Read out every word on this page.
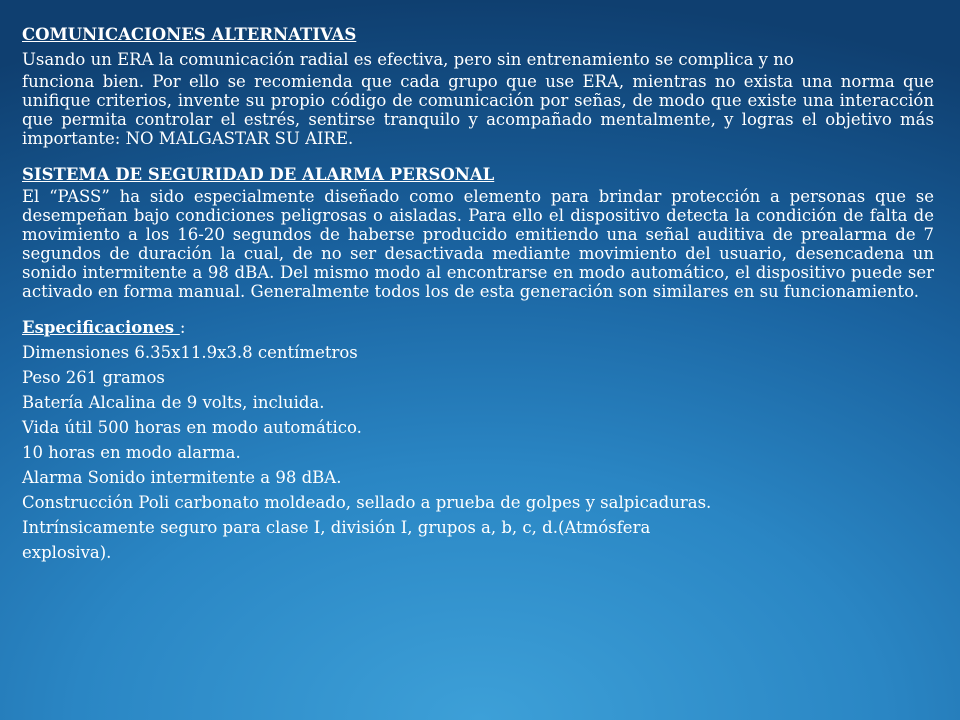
COMUNICACIONES ALTERNATIVAS

Usando un ERA la comunicación radial es efectiva, pero sin entrenamiento se complica y no

funciona bien. Por ello se recomienda que cada grupo que use ERA, mientras no exista una norma que unifique criterios, invente su propio código de comunicación por señas, de modo que existe una interacción que permita controlar el estrés, sentirse tranquilo y acompañado mentalmente, y logras el objetivo más importante: NO MALGASTAR SU AIRE.

SISTEMA DE SEGURIDAD DE ALARMA PERSONAL

El “PASS” ha sido especialmente diseñado como elemento para brindar protección a personas que se desempeñan bajo condiciones peligrosas o aisladas. Para ello el dispositivo detecta la condición de falta de movimiento a los 16-20 segundos de haberse producido emitiendo una señal auditiva de prealarma de 7 segundos de duración la cual, de no ser desactivada mediante movimiento del usuario, desencadena un sonido intermitente a 98 dBA. Del mismo modo al encontrarse en modo automático, el dispositivo puede ser activado en forma manual. Generalmente todos los de esta generación son similares en su funcionamiento.

Especificaciones :

Dimensiones 6.35x11.9x3.8 centímetros

Peso 261 gramos

Batería Alcalina de 9 volts, incluida.

Vida útil 500 horas en modo automático.

10 horas en modo alarma.

Alarma Sonido intermitente a 98 dBA.

Construcción Poli carbonato moldeado, sellado a prueba de golpes y salpicaduras.

Intrínsicamente seguro para clase I, división I, grupos a, b, c, d.(Atmósfera

explosiva).
